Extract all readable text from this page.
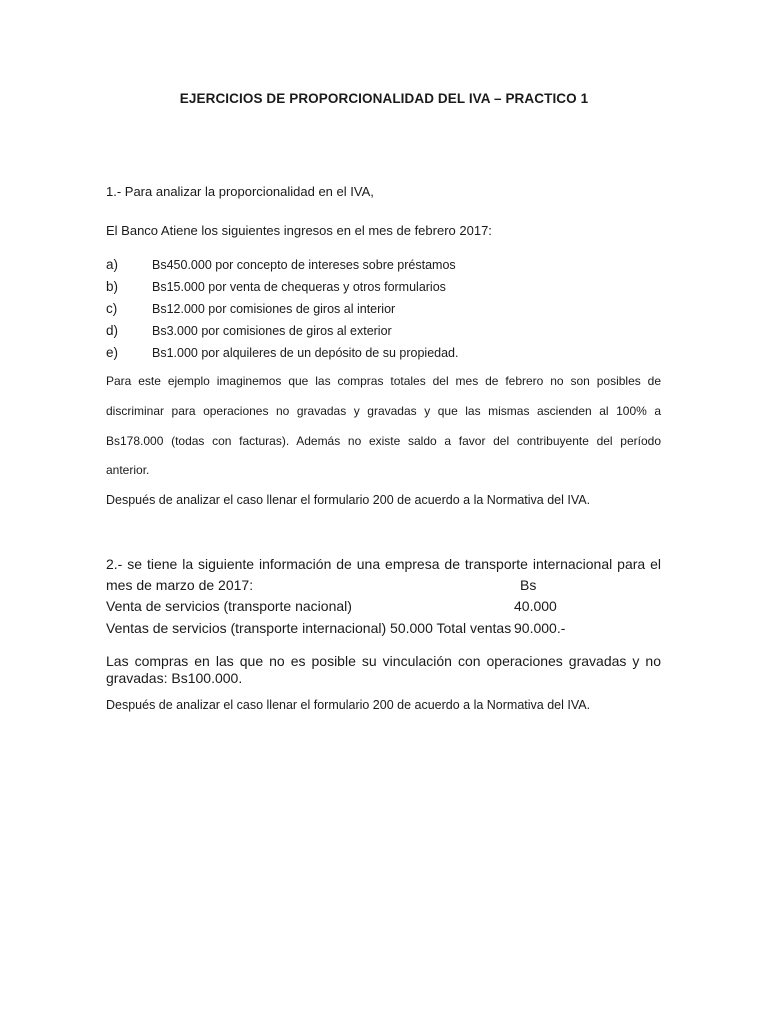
EJERCICIOS DE PROPORCIONALIDAD DEL IVA – PRACTICO 1
1.- Para analizar la proporcionalidad en el IVA,
El Banco Atiene los siguientes ingresos en el mes de febrero 2017:
a)	Bs450.000 por concepto de intereses sobre préstamos
b)	Bs15.000 por venta de chequeras y otros formularios
c)	Bs12.000 por comisiones de giros al interior
d)	Bs3.000 por comisiones de giros al exterior
e)	Bs1.000 por alquileres de un depósito de su propiedad.
Para este ejemplo imaginemos que las compras totales del mes de febrero no son posibles de
discriminar para operaciones no gravadas y gravadas y que las mismas ascienden al 100% a
Bs178.000 (todas con facturas). Además no existe saldo a favor del contribuyente del período
anterior.
Después de analizar el caso llenar el formulario 200 de acuerdo a la Normativa del IVA.
2.- se tiene la siguiente información de una empresa de transporte internacional para el
mes de marzo de 2017:	Bs
Venta de servicios (transporte nacional)	40.000
Ventas de servicios (transporte internacional) 50.000 Total ventas 90.000.-
Las compras en las que no es posible su vinculación con operaciones gravadas y no
gravadas: Bs100.000.
Después de analizar el caso llenar el formulario 200 de acuerdo a la Normativa del IVA.
